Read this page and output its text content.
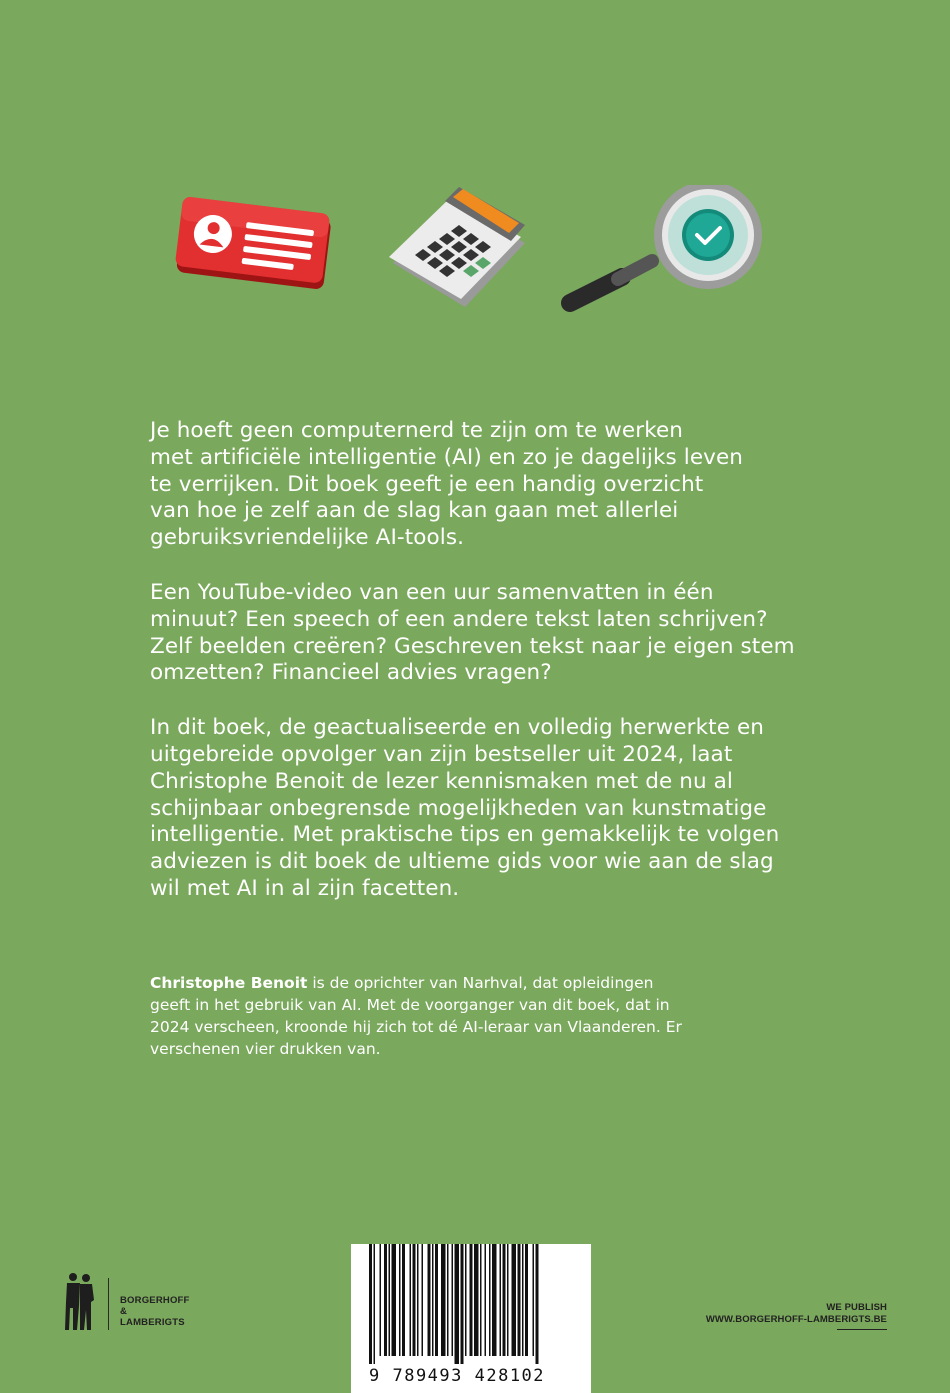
Je hoeft geen computernerd te zijn om te werken
met artificiële intelligentie (AI) en zo je dagelijks leven
te verrijken. Dit boek geeft je een handig overzicht
van hoe je zelf aan de slag kan gaan met allerlei
gebruiksvriendelijke AI-tools.

Een YouTube-video van een uur samenvatten in één
minuut? Een speech of een andere tekst laten schrijven?
Zelf beelden creëren? Geschreven tekst naar je eigen stem
omzetten? Financieel advies vragen?

In dit boek, de geactualiseerde en volledig herwerkte en
uitgebreide opvolger van zijn bestseller uit 2024, laat
Christophe Benoit de lezer kennismaken met de nu al
schijnbaar onbegrensde mogelijkheden van kunstmatige
intelligentie. Met praktische tips en gemakkelijk te volgen
adviezen is dit boek de ultieme gids voor wie aan de slag
wil met AI in al zijn facetten.

Christophe Benoit is de oprichter van Narhval, dat opleidingen
geeft in het gebruik van AI. Met de voorganger van dit boek, dat in
2024 verscheen, kroonde hij zich tot dé AI-leraar van Vlaanderen. Er
verschenen vier drukken van.
9 789493 428102
BORGERHOFF
& LAMBERIGTS
WE PUBLISH
WWW.BORGERHOFF-LAMBERIGTS.BE
